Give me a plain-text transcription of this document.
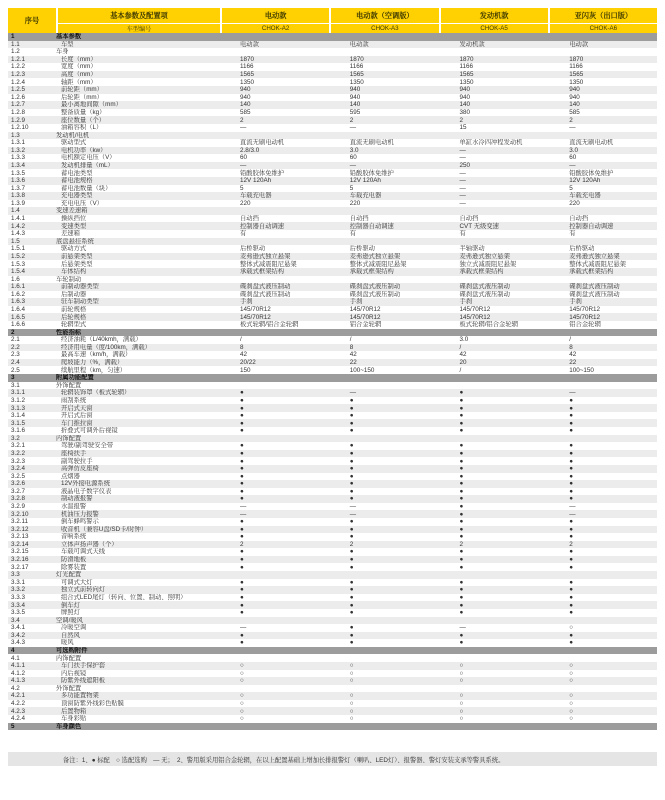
序号
基本参数及配置项	电动款	电动款（空调版）	发动机款	亚闪灰（出口版）
车型编号	CHOK-A2	CHOK-A3	CHOK-A5	CHOK-A6
1	基本参数				
1.1	车型	电动款	电动款	发动机款	电动款
1.2	车身				
1.2.1	长度（mm）	1870	1870	1870	1870
1.2.2	宽度（mm）	1166	1166	1166	1166
1.2.3	高度（mm）	1565	1565	1565	1565
1.2.4	轴距（mm）	1350	1350	1350	1350
1.2.5	前轮距（mm）	940	940	940	940
1.2.6	后轮距（mm）	940	940	940	940
1.2.7	最小离地间隙（mm）	140	140	140	140
1.2.8	整备质量（kg）	585	595	380	585
1.2.9	座位数量（个）	2	2	2	2
1.2.10	油箱容积（L）	—	—	15	—
1.3	发动机/电机				
1.3.1	驱动型式	直流无刷电动机	直流无刷电动机	单缸水冷四冲程发动机	直流无刷电动机
1.3.2	电机功率（kw）	2.8/3.0	3.0	—	3.0
1.3.3	电机额定电压（V）	60	60	—	60
1.3.4	发动机排量（mL）	—	—	250	—
1.3.5	蓄电池类型	铅酸胶体免维护	铅酸胶体免维护	—	铅酸胶体免维护
1.3.6	蓄电池规格	12V 120Ah	12V 120Ah	—	12V 120Ah
1.3.7	蓄电池数量（块）	5	5	—	5
1.3.8	充电器类型	车载充电器	车载充电器	—	车载充电器
1.3.9	充电电压（V）	220	220	—	220
1.4	变速差速箱				
1.4.1	操纵挡位	自动挡	自动挡	自动挡	自动挡
1.4.2	变速类型	控制器自动调速	控制器自动调速	CVT 无级变速	控制器自动调速
1.4.3	差速箱	有	有	有	有
1.5	底盘悬挂系统				
1.5.1	驱动方式	后桥驱动	后桥驱动	半轴驱动	后桥驱动
1.5.2	前悬架类型	麦弗逊式独立悬架	麦弗逊式独立悬架	麦弗逊式独立悬架	麦弗逊式独立悬架
1.5.3	后悬架类型	整体式减震阻尼悬架	整体式减震阻尼悬架	独立式减震阻尼悬架	整体式减震阻尼悬架
1.5.4	车体结构	承载式框架结构	承载式框架结构	承载式框架结构	承载式框架结构
1.6	车轮制动				
1.6.1	前制动器类型	碟刹盘式液压制动	碟刹盘式液压制动	碟刹盘式液压制动	碟刹盘式液压制动
1.6.2	后制动器	碟刹盘式液压制动	碟刹盘式液压制动	碟刹盘式液压制动	碟刹盘式液压制动
1.6.3	驻车制动类型	手刹	手刹	手刹	手刹
1.6.4	前轮规格	145/70R12	145/70R12	145/70R12	145/70R12
1.6.5	后轮规格	145/70R12	145/70R12	145/70R12	145/70R12
1.6.6	轮辋型式	板式轮辋/铝合金轮辋	铝合金轮辋	板式轮辋/铝合金轮辋	铝合金轮辋
2	性能指标				
2.1	经济油耗（L/40kmh，满载）	/	/	3.0	/
2.2	经济用电量（度/100km，满载）	8	8	/	8
2.3	最高车速（km/h，满载）	42	42	42	42
2.4	爬坡能力（%，满载）	20/22	22	20	22
2.5	续航里程（km，匀速）	150	100~150	/	100~150
3	附属功能配置				
3.1	外饰配置				
3.1.1	轮辋装饰罩（板式轮辋）	●	—	●	—
3.1.2	雨刮系统	●	●	●	●
3.1.3	开启式天窗	●	●	●	●
3.1.4	开启式后窗	●	●	●	●
3.1.5	车门推拉窗	●	●	●	●
3.1.6	折叠式可调外后视镜	●	●	●	●
3.2	内饰配置				
3.2.1	驾驶/副驾驶安全带	●	●	●	●
3.2.2	座椅扶手	●	●	●	●
3.2.3	副驾驶拉手	●	●	●	●
3.2.4	高弹仿皮座椅	●	●	●	●
3.2.5	点烟器	●	●	●	●
3.2.6	12V外接电源系统	●	●	●	●
3.2.7	液晶电子数字仪表	●	●	●	●
3.2.8	制动液报警	●	●	●	●
3.2.9	水温报警	—	—	●	—
3.2.10	机油压力报警	—	—	●	—
3.2.11	倒车蜂鸣警示	●	●	●	●
3.2.12	收音机（兼容U盘/SD卡/时钟）	●	●	●	●
3.2.13	音响系统	●	●	●	●
3.2.14	立体声扬声器（个）	2	2	2	2
3.2.15	车载可调式天线	●	●	●	●
3.2.16	防滑地板	●	●	●	●
3.2.17	除雾装置	●	●	●	●
3.3	灯光配置				
3.3.1	可调式大灯	●	●	●	●
3.3.2	独立式前转向灯	●	●	●	●
3.3.3	组合式LED尾灯（转向、位置、制动、照明）	●	●	●	●
3.3.4	倒车灯	●	●	●	●
3.3.5	牌照灯	●	●	●	●
3.4	空调/暖风				
3.4.1	冷暖空调	—	●	—	○
3.4.2	自然风	●	●	●	●
3.4.3	暖风	●	●	●	●
4	可选购附件				
4.1	内饰配置				
4.1.1	车门扶手保护套	○	○	○	○
4.1.2	内后视镜	○	○	○	○
4.1.3	防紫外线遮阳板	○	○	○	○
4.2	外饰配置				
4.2.1	多功能置物架	○	○	○	○
4.2.2	顶窗防紫外线彩色贴膜	○	○	○	○
4.2.3	后置物箱	○	○	○	○
4.2.4	车身彩贴	○	○	○	○
5	车身颜色				
备注：1、● 标配　○ 选配选购　— 无；　2、警用版采用铝合金轮辋，在以上配置基础上增加长排报警灯（喇叭、LED灯）、报警器、警灯安装支承等警具系统。
